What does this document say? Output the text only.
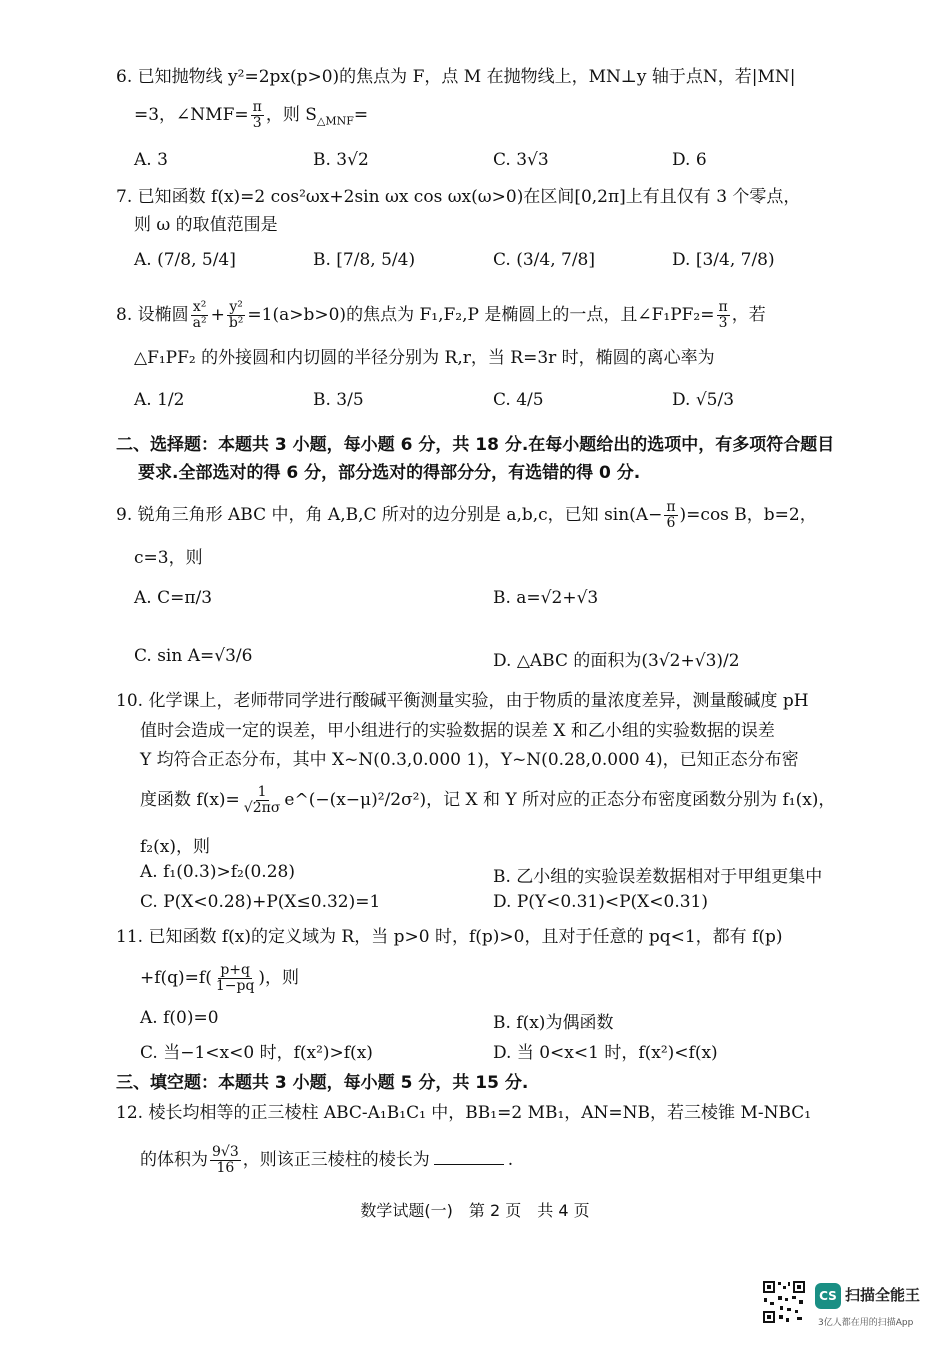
6. 已知抛物线 y²=2px(p>0)的焦点为 F，点 M 在抛物线上，MN⊥y 轴于点N，若|MN|
=3，∠NMF= $\frac{\pi}{3}$ ，则 $S_{\triangle MNF}=$
A. 3	B. 3√2	C. 3√3	D. 6
7. 已知函数 f(x)=2 cos²ωx+2sin ωx cos ωx(ω>0)在区间[0,2π]上有且仅有 3 个零点，
则 ω 的取值范围是
A. (7/8, 5/4]	B. [7/8, 5/4)	C. (3/4, 7/8]	D. [3/4, 7/8)
8. 设椭圆 $\frac{\text{x²}}{\text{a²}} + \frac{\text{y²}}{\text{b²}} =1(a>b>0)$的焦点为 F₁,F₂,P 是椭圆上的一点，且∠F₁PF₂= $\frac{\pi}{3}$ ，若
△F₁PF₂ 的外接圆和内切圆的半径分别为 R,r，当 R=3r 时，椭圆的离心率为
A. 1/2	B. 3/5	C. 4/5	D. √5/3
二、选择题：本题共 3 小题，每小题 6 分，共 18 分.在每小题给出的选项中，有多项符合题目
要求.全部选对的得 6 分，部分选对的得部分分，有选错的得 0 分.
9. 锐角三角形 ABC 中，角 A,B,C 所对的边分别是 a,b,c，已知 $\sin(A- \frac{\pi}{6} )=\cos$ B，b=2，
c=3，则
A. C=π/3	B. a=√2+√3
C. sin A=√3/6	D. △ABC 的面积为(3√2+√3)/2
10. 化学课上，老师带同学进行酸碱平衡测量实验，由于物质的量浓度差异，测量酸碱度 pH
值时会造成一定的误差，甲小组进行的实验数据的误差 X 和乙小组的实验数据的误差
Y 均符合正态分布，其中 X~N(0.3,0.000 1)，Y~N(0.28,0.000 4)，已知正态分布密
度函数 $f(x)= \frac{1}{√2\pi\sigma}$ e^(−(x−μ)²/2σ²)，记 X 和 Y 所对应的正态分布密度函数分别为 f₁(x)，
f₂(x)，则
A. f₁(0.3)>f₂(0.28)	B. 乙小组的实验误差数据相对于甲组更集中
C. P(X<0.28)+P(X≤0.32)=1	D. P(Y<0.31)<P(X<0.31)
11. 已知函数 f(x)的定义域为 R，当 p>0 时，f(p)>0，且对于任意的 pq<1，都有 f(p)
$+f(q)=f( \frac{p+q}{1-pq}$ )，则
A. f(0)=0	B. f(x)为偶函数
C. 当−1<x<0 时，f(x²)>f(x)	D. 当 0<x<1 时，f(x²)<f(x)
三、填空题：本题共 3 小题，每小题 5 分，共 15 分.
12. 棱长均相等的正三棱柱 ABC-A₁B₁C₁ 中，BB₁=2 MB₁，AN=NB，若三棱锥 M-NBC₁
的体积为 $\frac{9√3}{16}$ ，则该正三棱柱的棱长为	.
数学试题(一)　第 2 页　共 4 页
CS 扫描全能王
3亿人都在用的扫描App
